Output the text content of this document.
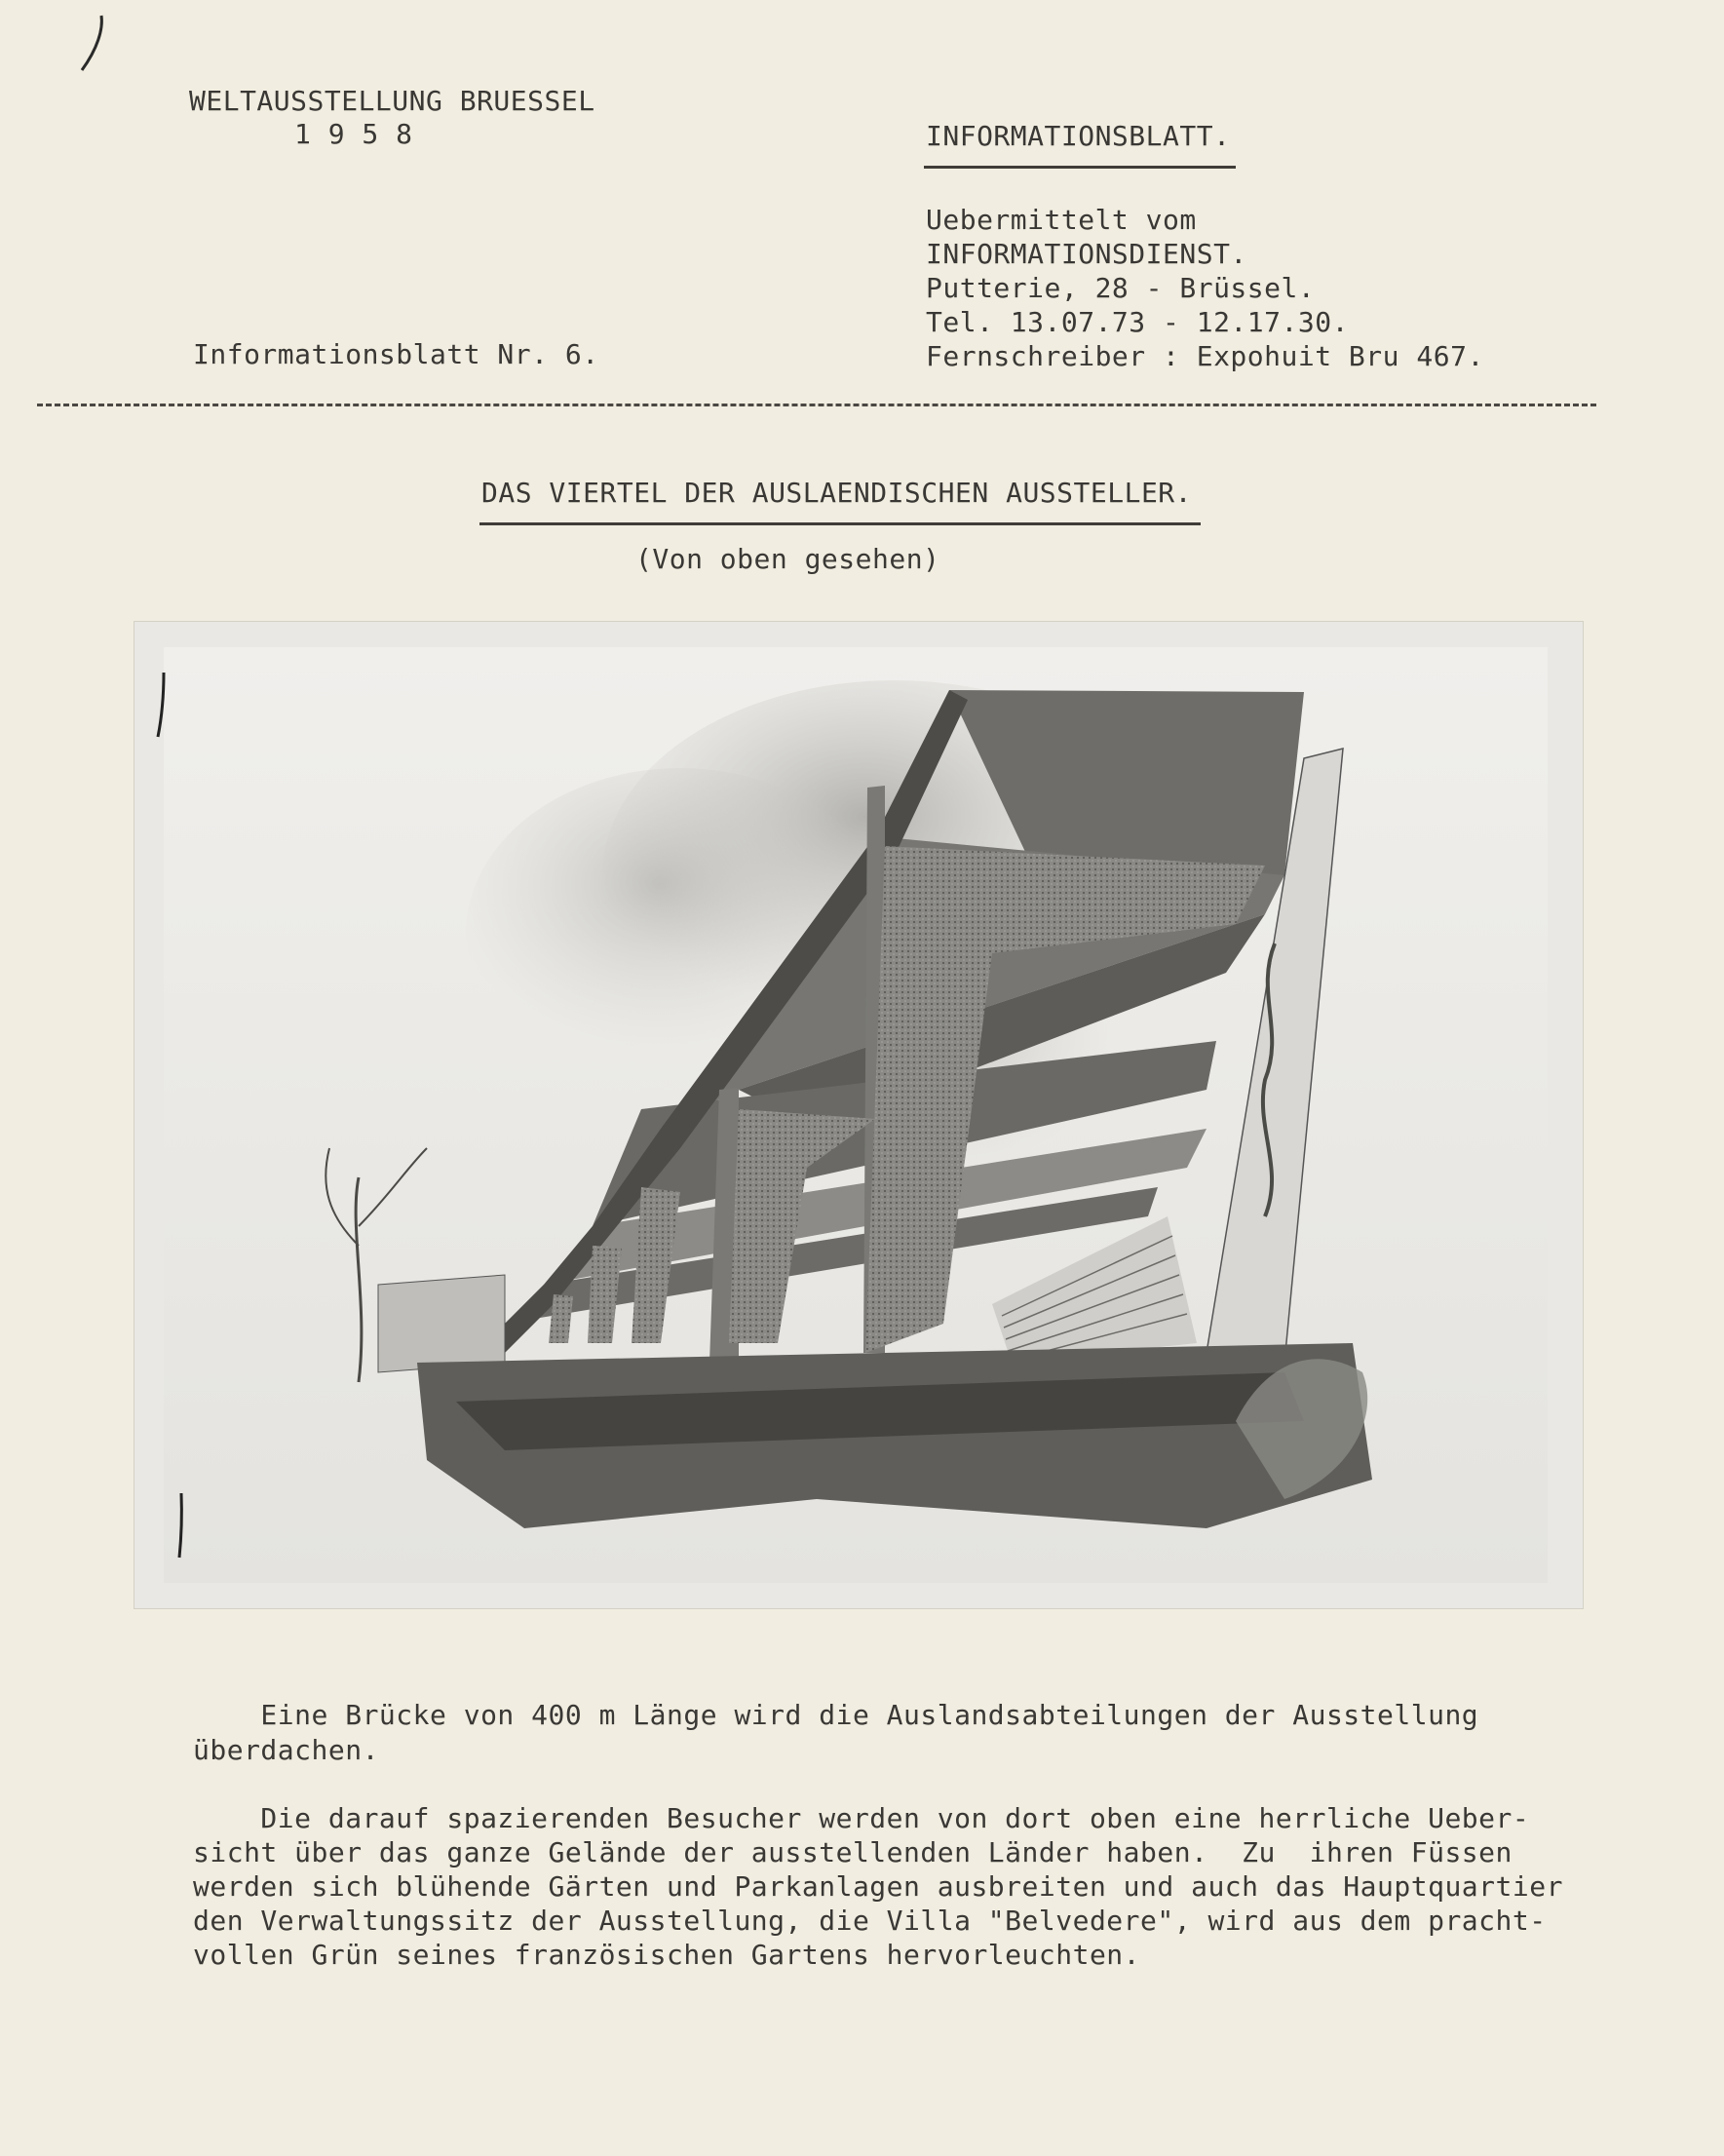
WELTAUSSTELLUNG BRUESSEL
1 9 5 8
Informationsblatt Nr. 6.
INFORMATIONSBLATT.
Uebermittelt vom
INFORMATIONSDIENST.
Putterie, 28 - Brüssel.
Tel. 13.07.73 - 12.17.30.
Fernschreiber : Expohuit Bru 467.
DAS VIERTEL DER AUSLAENDISCHEN AUSSTELLER.
(Von oben gesehen)
Eine Brücke von 400 m Länge wird die Auslandsabteilungen der Ausstellung
überdachen.
Die darauf spazierenden Besucher werden von dort oben eine herrliche Ueber-
sicht über das ganze Gelände der ausstellenden Länder haben.  Zu  ihren Füssen
werden sich blühende Gärten und Parkanlagen ausbreiten und auch das Hauptquartier
den Verwaltungssitz der Ausstellung, die Villa "Belvedere", wird aus dem pracht-
vollen Grün seines französischen Gartens hervorleuchten.
